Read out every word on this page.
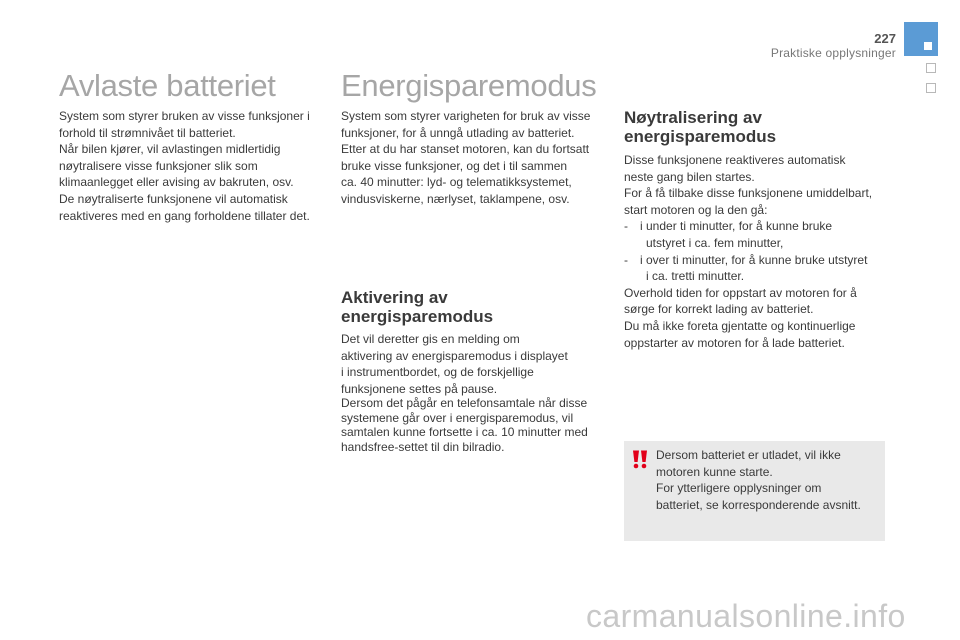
227
Praktiske opplysninger
Avlaste batteriet

System som styrer bruken av visse funksjoner i
forhold til strømnivået til batteriet.
Når bilen kjører, vil avlastingen midlertidig
nøytralisere visse funksjoner slik som
klimaanlegget eller avising av bakruten, osv.
De nøytraliserte funksjonene vil automatisk
reaktiveres med en gang forholdene tillater det.

Energisparemodus

System som styrer varigheten for bruk av visse
funksjoner, for å unngå utlading av batteriet.
Etter at du har stanset motoren, kan du fortsatt
bruke visse funksjoner, og det i til sammen
ca. 40 minutter: lyd- og telematikksystemet,
vindusviskerne, nærlyset, taklampene, osv.

Aktivering av
energisparemodus

Det vil deretter gis en melding om
aktivering av energisparemodus i displayet
i instrumentbordet, og de forskjellige
funksjonene settes på pause.

Dersom det pågår en telefonsamtale når disse
systemene går over i energisparemodus, vil
samtalen kunne fortsette i ca. 10 minutter med
handsfree-settet til din bilradio.

Nøytralisering av
energisparemodus

Disse funksjonene reaktiveres automatisk
neste gang bilen startes.
For å få tilbake disse funksjonene umiddelbart,
start motoren og la den gå:
- i under ti minutter, for å kunne bruke
utstyret i ca. fem minutter,
- i over ti minutter, for å kunne bruke utstyret
i ca. tretti minutter.
Overhold tiden for oppstart av motoren for å
sørge for korrekt lading av batteriet.
Du må ikke foreta gjentatte og kontinuerlige
oppstarter av motoren for å lade batteriet.

Dersom batteriet er utladet, vil ikke
motoren kunne starte.
For ytterligere opplysninger om
batteriet, se korresponderende avsnitt.

carmanualsonline.info
